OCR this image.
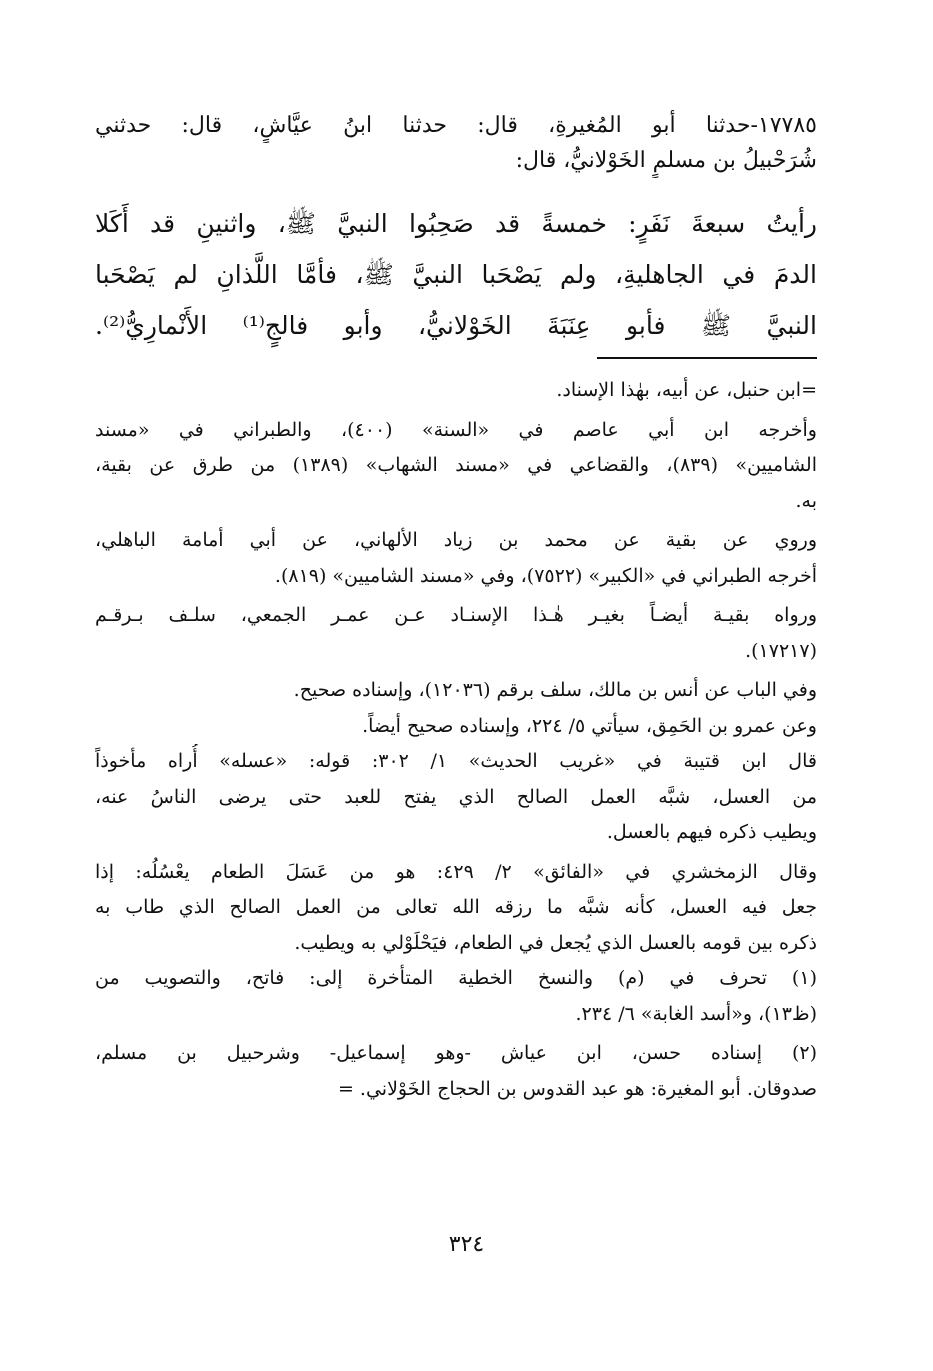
١٧٧٨٥-حدثنا أبو المُغيرةِ، قال: حدثنا ابنُ عيَّاشٍ، قال: حدثني
شُرَحْبيلُ بن مسلمٍ الخَوْلانيُّ، قال:
رأيتُ سبعةَ نَفَرٍ: خمسةً قد صَحِبُوا النبيَّ ﷺ، واثنينِ قد أَكَلا
الدمَ في الجاهليةِ، ولم يَصْحَبا النبيَّ ﷺ، فأمَّا اللَّذانِ لم يَصْحَبا
النبيَّ ﷺ فأبو عِنَبَةَ الخَوْلانيُّ، وأبو فالجٍ⁽¹⁾ الأَنْمارِيُّ⁽²⁾.
=ابن حنبل، عن أبيه، بهٰذا الإسناد.
وأخرجه ابن أبي عاصم في «السنة» (٤٠٠)، والطبراني في «مسند
الشاميين» (٨٣٩)، والقضاعي في «مسند الشهاب» (١٣٨٩) من طرق عن بقية،
به.
وروي عن بقية عن محمد بن زياد الألهاني، عن أبي أمامة الباهلي،
أخرجه الطبراني في «الكبير» (٧٥٢٢)، وفي «مسند الشاميين» (٨١٩).
ورواه بقيـة أيضـاً بغيـر هٰـذا الإسنـاد عـن عمـر الجمعي، سلـف بـرقـم
(١٧٢١٧).
وفي الباب عن أنس بن مالك، سلف برقم (١٢٠٣٦)، وإسناده صحيح.
وعن عمرو بن الحَمِق، سيأتي ٥/ ٢٢٤، وإسناده صحيح أيضاً.
قال ابن قتيبة في «غريب الحديث» ١/ ٣٠٢: قوله: «عسله» أُراه مأخوذاً
من العسل، شبَّه العمل الصالح الذي يفتح للعبد حتى يرضى الناسُ عنه،
ويطيب ذكره فيهم بالعسل.
وقال الزمخشري في «الفائق» ٢/ ٤٢٩: هو من عَسَلَ الطعام يعْسُلُه: إذا
جعل فيه العسل، كأنه شبَّه ما رزقه الله تعالى من العمل الصالح الذي طاب به
ذكره بين قومه بالعسل الذي يُجعل في الطعام، فيَحْلَوْلي به ويطيب.
(١) تحرف في (م) والنسخ الخطية المتأخرة إلى: فاتح، والتصويب من
(ظ١٣)، و«أسد الغابة» ٦/ ٢٣٤.
(٢) إسناده حسن، ابن عياش -وهو إسماعيل- وشرحبيل بن مسلم،
صدوقان. أبو المغيرة: هو عبد القدوس بن الحجاج الخَوْلاني. =
٣٢٤
